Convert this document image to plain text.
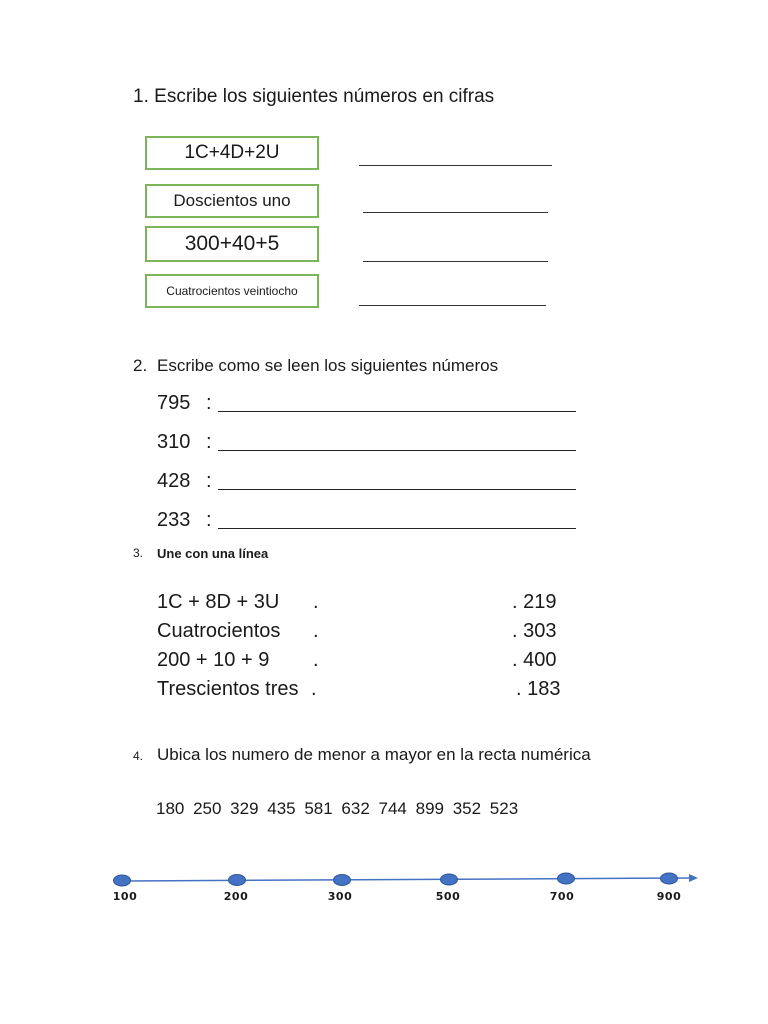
1. Escribe los siguientes números en cifras
1C+4D+2U
Doscientos uno
300+40+5
Cuatrocientos veintiocho
2. Escribe como se leen los siguientes números
795 :
310 :
428 :
233 :
3. Une con una línea
1C + 8D + 3U .	. 219
Cuatrocientos .	. 303
200 + 10 + 9 .	. 400
Trescientos tres .	. 183
4. Ubica los numero de menor a mayor en la recta numérica
180 250 329 435 581 632 744 899 352 523
100	200	300	500	700	900
